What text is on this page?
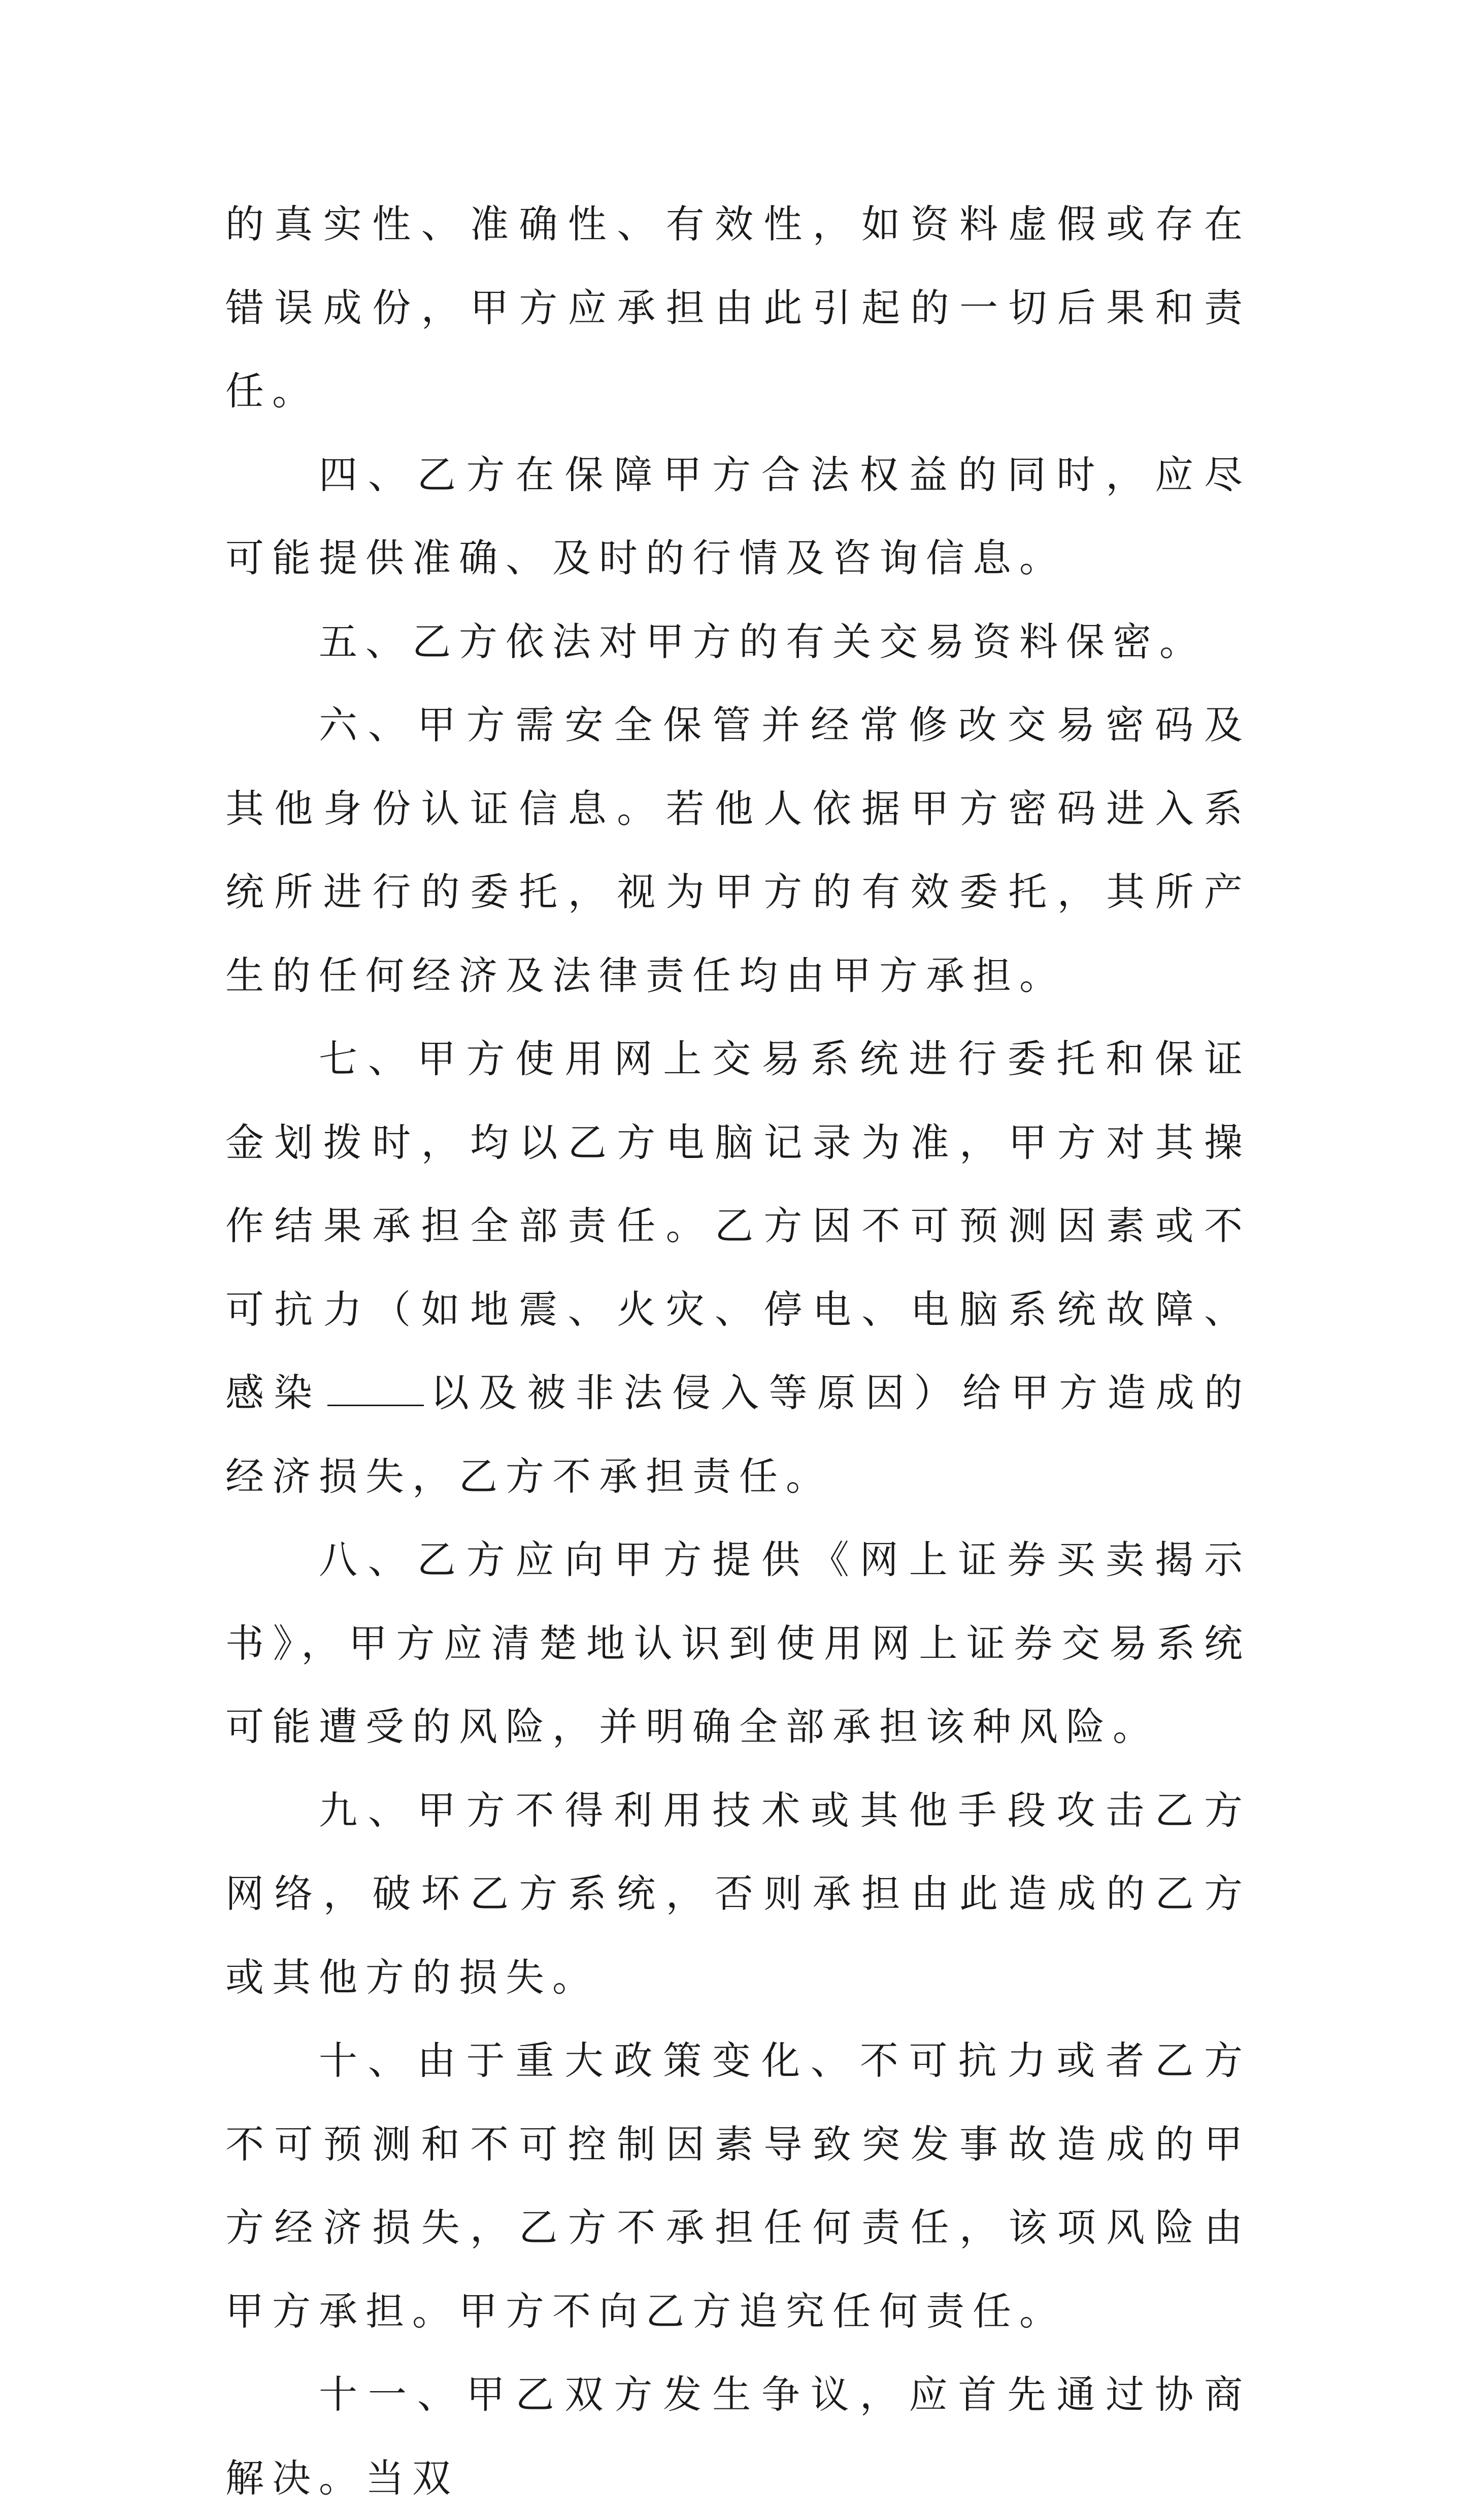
的真实性、准确性、有效性，如资料虚假或存在错误成份，甲方应承担由此引起的一切后果和责任。

四、乙方在保障甲方合法权益的同时，应尽可能提供准确、及时的行情及咨询信息。

五、乙方依法对甲方的有关交易资料保密。

六、甲方需安全保管并经常修改交易密码及其他身份认证信息。若他人依据甲方密码进入系统所进行的委托，视为甲方的有效委托，其所产生的任何经济及法律责任均由甲方承担。

七、甲方使用网上交易系统进行委托和保证金划拨时，均以乙方电脑记录为准，甲方对其操作结果承担全部责任。乙方因不可预测因素或不可抗力（如地震、火灾、停电、电脑系统故障、感染	以及被非法侵入等原因）给甲方造成的经济损失，乙方不承担责任。

八、乙方应向甲方提供《网上证券买卖揭示书》，甲方应清楚地认识到使用网上证券交易系统可能遭受的风险，并明确全部承担该种风险。

九、甲方不得利用技术或其他手段攻击乙方网络，破坏乙方系统，否则承担由此造成的乙方或其他方的损失。

十、由于重大政策变化、不可抗力或者乙方不可预测和不可控制因素导致突发事故造成的甲方经济损失，乙方不承担任何责任，该项风险由甲方承担。甲方不向乙方追究任何责任。

十一、甲乙双方发生争议，应首先通过协商解决。当双
